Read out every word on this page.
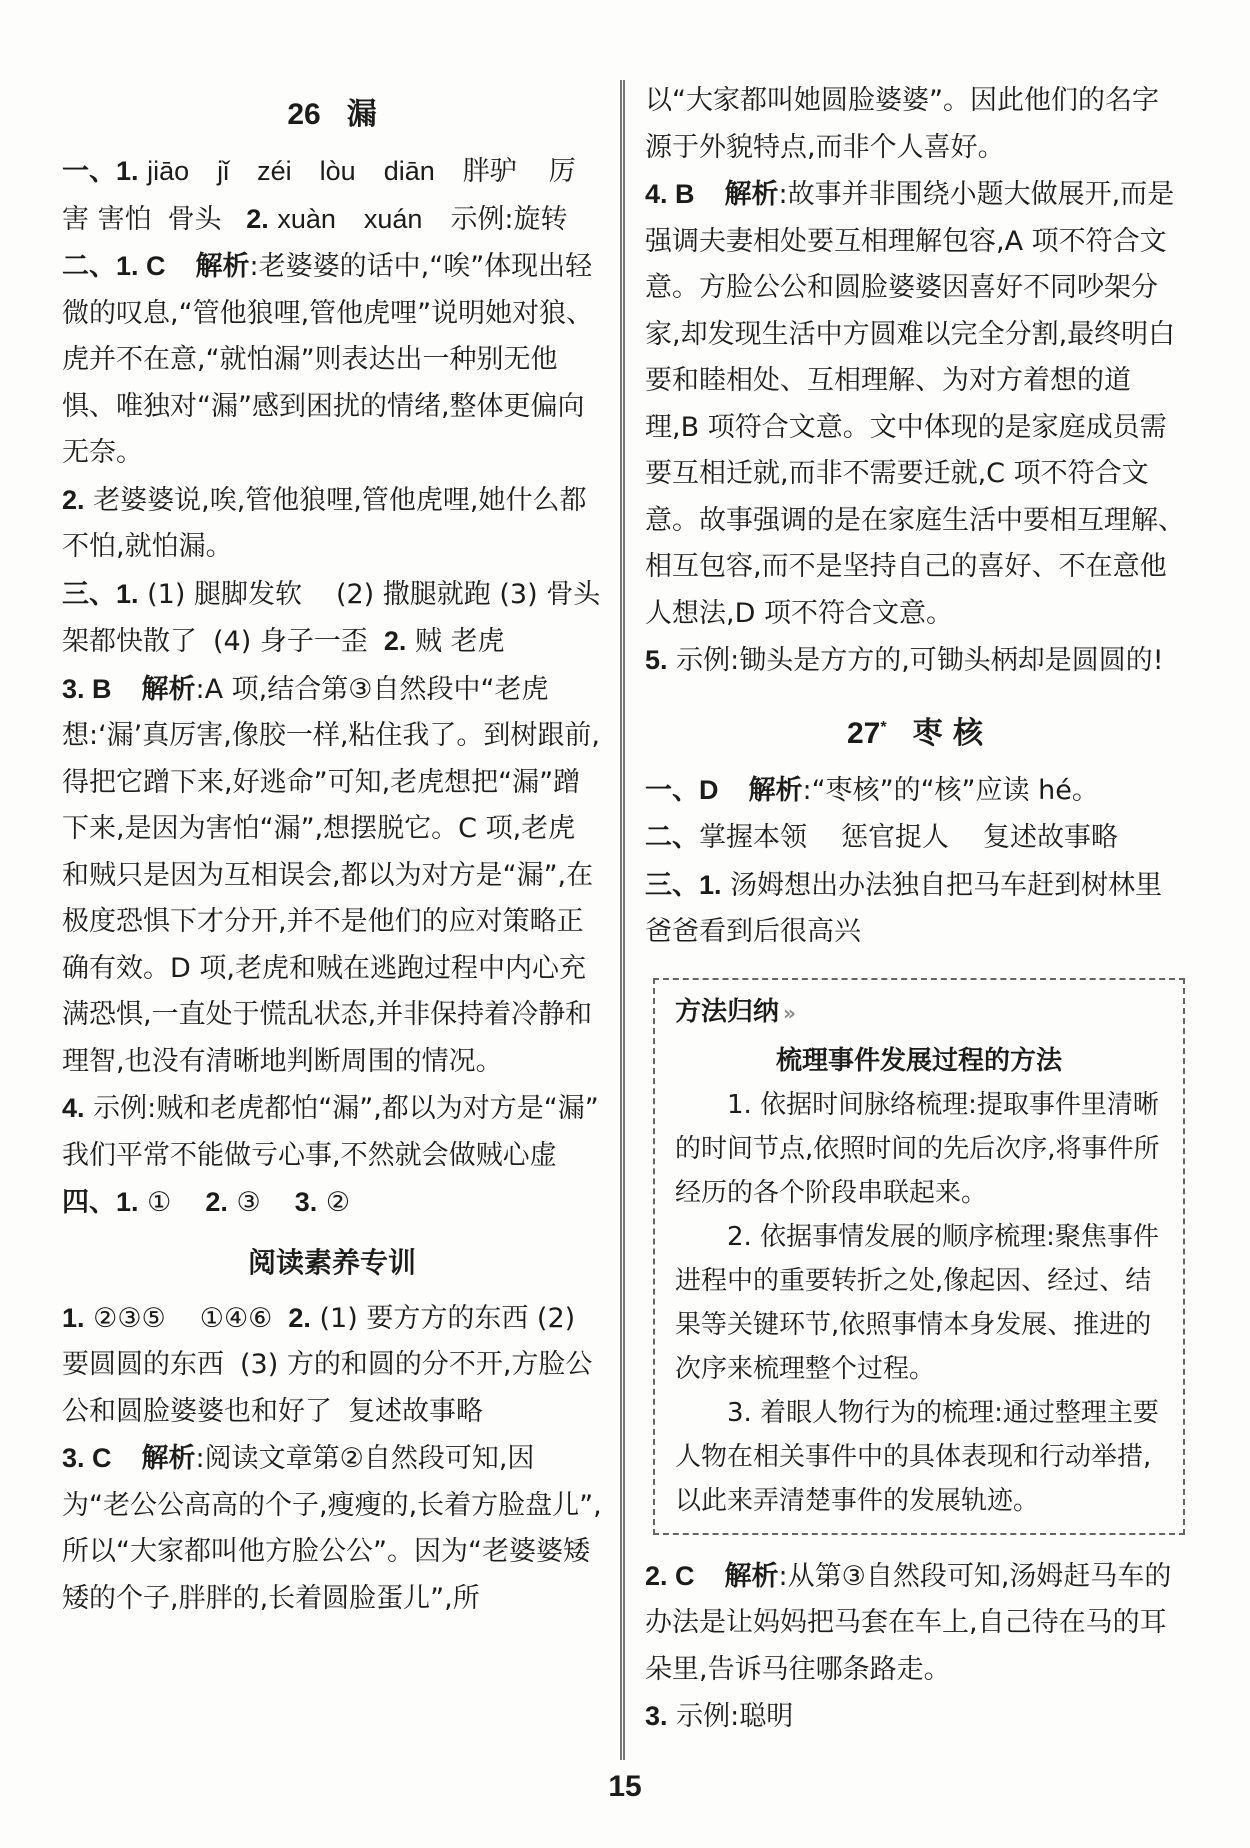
26 漏

一、1. jiāo jǐ zéi lòu diān 胖驴 厉害 害怕 骨头 2. xuàn xuán 示例:旋转

二、1. C 解析:老婆婆的话中,“唉”体现出轻微的叹息,“管他狼哩,管他虎哩”说明她对狼、虎并不在意,“就怕漏”则表达出一种别无他惧、唯独对“漏”感到困扰的情绪,整体更偏向无奈。

2. 老婆婆说,唉,管他狼哩,管他虎哩,她什么都不怕,就怕漏。

三、1. (1) 腿脚发软 (2) 撒腿就跑 (3) 骨头架都快散了 (4) 身子一歪 2. 贼 老虎

3. B 解析:A 项,结合第③自然段中“老虎想:‘漏’真厉害,像胶一样,粘住我了。到树跟前,得把它蹭下来,好逃命”可知,老虎想把“漏”蹭下来,是因为害怕“漏”,想摆脱它。C 项,老虎和贼只是因为互相误会,都以为对方是“漏”,在极度恐惧下才分开,并不是他们的应对策略正确有效。D 项,老虎和贼在逃跑过程中内心充满恐惧,一直处于慌乱状态,并非保持着冷静和理智,也没有清晰地判断周围的情况。

4. 示例:贼和老虎都怕“漏”,都以为对方是“漏” 我们平常不能做亏心事,不然就会做贼心虚

四、1. ① 2. ③ 3. ②

阅读素养专训

1. ②③⑤ ①④⑥ 2. (1) 要方方的东西 (2) 要圆圆的东西 (3) 方的和圆的分不开,方脸公公和圆脸婆婆也和好了 复述故事略

3. C 解析:阅读文章第②自然段可知,因为“老公公高高的个子,瘦瘦的,长着方脸盘儿”,所以“大家都叫他方脸公公”。因为“老婆婆矮矮的个子,胖胖的,长着圆脸蛋儿”,所

以“大家都叫她圆脸婆婆”。因此他们的名字源于外貌特点,而非个人喜好。

4. B 解析:故事并非围绕小题大做展开,而是强调夫妻相处要互相理解包容,A 项不符合文意。方脸公公和圆脸婆婆因喜好不同吵架分家,却发现生活中方圆难以完全分割,最终明白要和睦相处、互相理解、为对方着想的道理,B 项符合文意。文中体现的是家庭成员需要互相迁就,而非不需要迁就,C 项不符合文意。故事强调的是在家庭生活中要相互理解、相互包容,而不是坚持自己的喜好、不在意他人想法,D 项不符合文意。

5. 示例:锄头是方方的,可锄头柄却是圆圆的!

27* 枣 核

一、D 解析:“枣核”的“核”应读 hé。

二、掌握本领 惩官捉人 复述故事略

三、1. 汤姆想出办法独自把马车赶到树林里 爸爸看到后很高兴

方法归纳 »
梳理事件发展过程的方法

1. 依据时间脉络梳理:提取事件里清晰的时间节点,依照时间的先后次序,将事件所经历的各个阶段串联起来。

2. 依据事情发展的顺序梳理:聚焦事件进程中的重要转折之处,像起因、经过、结果等关键环节,依照事情本身发展、推进的次序来梳理整个过程。

3. 着眼人物行为的梳理:通过整理主要人物在相关事件中的具体表现和行动举措,以此来弄清楚事件的发展轨迹。

2. C 解析:从第③自然段可知,汤姆赶马车的办法是让妈妈把马套在车上,自己待在马的耳朵里,告诉马往哪条路走。

3. 示例:聪明

15
